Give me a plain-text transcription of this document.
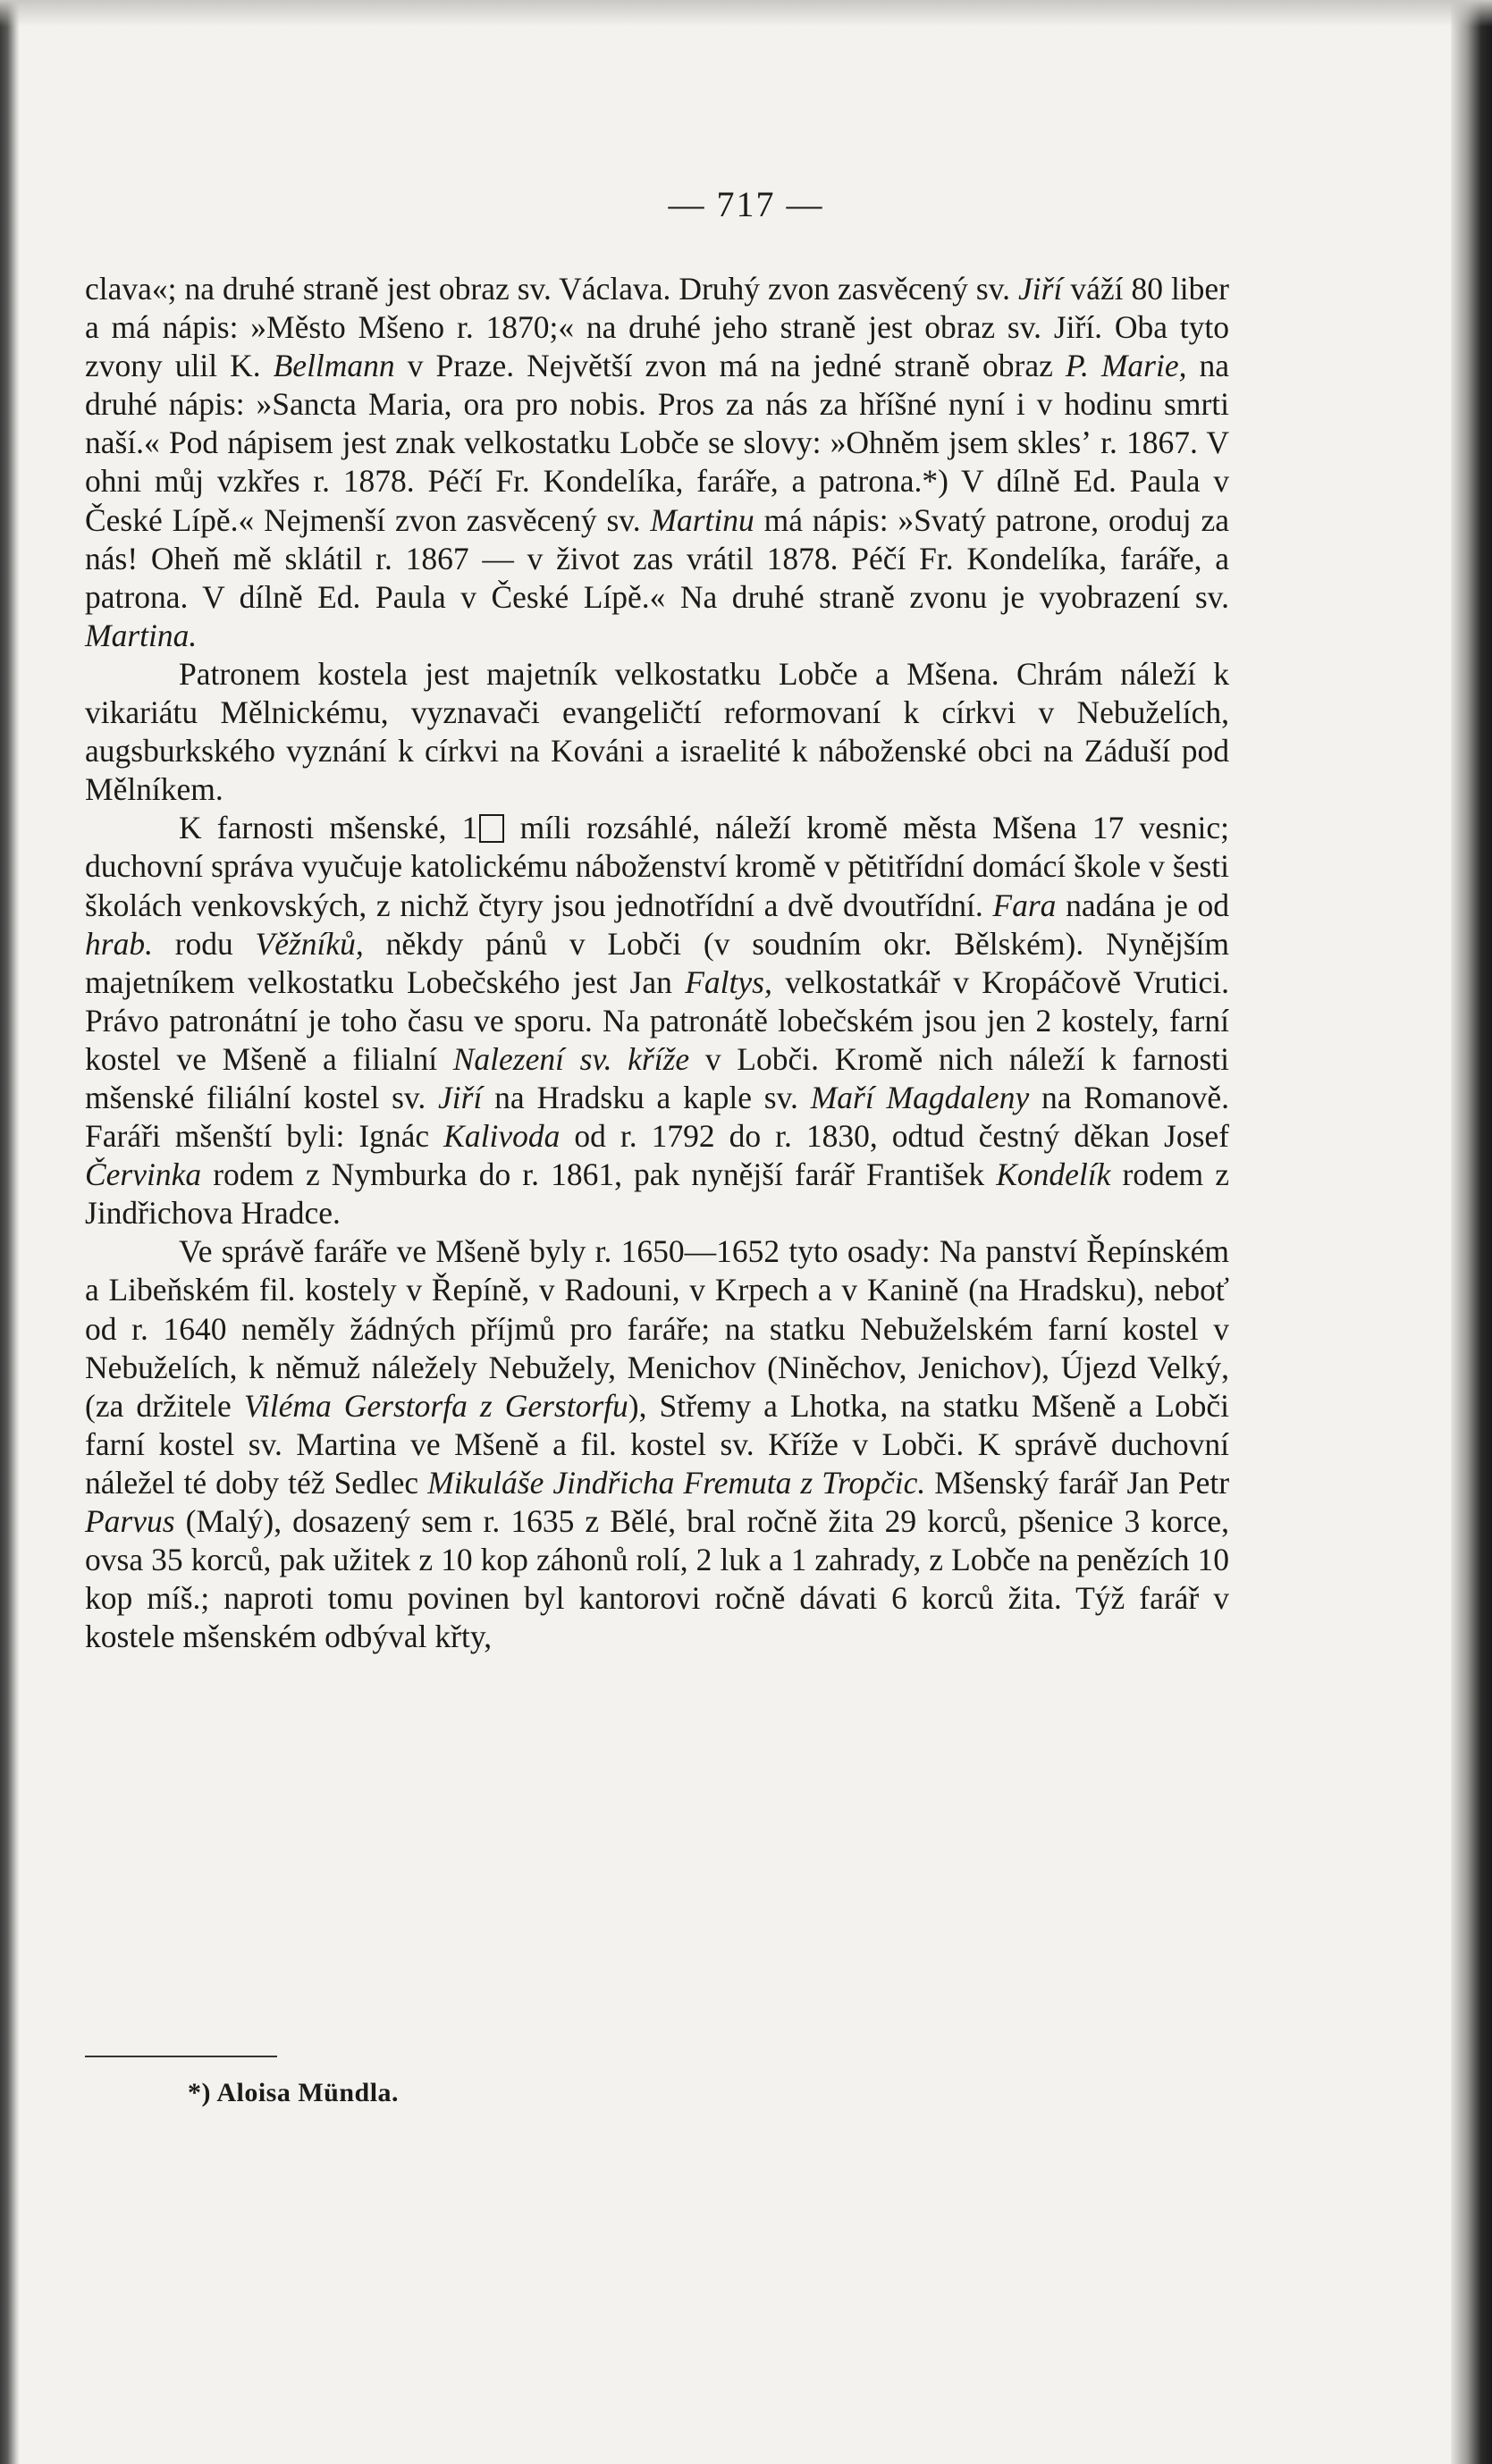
— 717 —

clava«; na druhé straně jest obraz sv. Václava. Druhý zvon zasvěcený sv. Jiří váží 80 liber a má nápis: »Město Mšeno r. 1870;« na druhé jeho straně jest obraz sv. Jiří. Oba tyto zvony ulil K. Bellmann v Praze. Největší zvon má na jedné straně obraz P. Marie, na druhé nápis: »Sancta Maria, ora pro nobis. Pros za nás za hříšné nyní i v hodinu smrti naší.« Pod nápisem jest znak velkostatku Lobče se slovy: »Ohněm jsem sklesʼ r. 1867. V ohni můj vzkřes r. 1878. Péčí Fr. Kondelíka, faráře, a patrona.*) V dílně Ed. Paula v České Lípě.« Nejmenší zvon zasvěcený sv. Martinu má nápis: »Svatý patrone, oroduj za nás! Oheň mě sklátil r. 1867 — v život zas vrátil 1878. Péčí Fr. Kondelíka, faráře, a patrona. V dílně Ed. Paula v České Lípě.« Na druhé straně zvonu je vyobrazení sv. Martina.

Patronem kostela jest majetník velkostatku Lobče a Mšena. Chrám náleží k vikariátu Mělnickému, vyznavači evangeličtí reformovaní k církvi v Nebuželích, augsburkského vyznání k církvi na Kováni a israelité k náboženské obci na Záduší pod Mělníkem.

K farnosti mšenské, 1 míli rozsáhlé, náleží kromě města Mšena 17 vesnic; duchovní správa vyučuje katolickému náboženství kromě v pětitřídní domácí škole v šesti školách venkovských, z nichž čtyry jsou jednotřídní a dvě dvoutřídní. Fara nadána je od hrab. rodu Věžníků, někdy pánů v Lobči (v soudním okr. Bělském). Nynějším majetníkem velkostatku Lobečského jest Jan Faltys, velkostatkář v Kropáčově Vrutici. Právo patronátní je toho času ve sporu. Na patronátě lobečském jsou jen 2 kostely, farní kostel ve Mšeně a filialní Nalezení sv. kříže v Lobči. Kromě nich náleží k farnosti mšenské filiální kostel sv. Jiří na Hradsku a kaple sv. Maří Magdaleny na Romanově. Faráři mšenští byli: Ignác Kalivoda od r. 1792 do r. 1830, odtud čestný děkan Josef Červinka rodem z Nymburka do r. 1861, pak nynější farář František Kondelík rodem z Jindřichova Hradce.

Ve správě faráře ve Mšeně byly r. 1650—1652 tyto osady: Na panství Řepínském a Libeňském fil. kostely v Řepíně, v Radouni, v Krpech a v Kanině (na Hradsku), neboť od r. 1640 neměly žádných příjmů pro faráře; na statku Nebuželském farní kostel v Nebuželích, k němuž náležely Nebužely, Menichov (Niněchov, Jenichov), Újezd Velký, (za držitele Viléma Gerstorfa z Gerstorfu), Střemy a Lhotka, na statku Mšeně a Lobči farní kostel sv. Martina ve Mšeně a fil. kostel sv. Kříže v Lobči. K správě duchovní náležel té doby též Sedlec Mikuláše Jindřicha Fremuta z Tropčic. Mšenský farář Jan Petr Parvus (Malý), dosazený sem r. 1635 z Bělé, bral ročně žita 29 korců, pšenice 3 korce, ovsa 35 korců, pak užitek z 10 kop záhonů rolí, 2 luk a 1 zahrady, z Lobče na penězích 10 kop míš.; naproti tomu povinen byl kantorovi ročně dávati 6 korců žita. Týž farář v kostele mšenském odbýval křty,

*) Aloisa Mündla.
